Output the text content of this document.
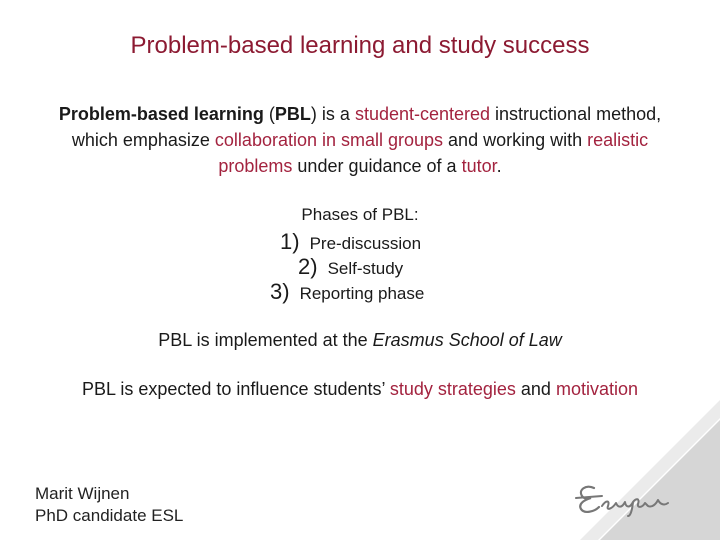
Problem-based learning and study success
Problem-based learning (PBL) is a student-centered instructional method, which emphasize collaboration in small groups and working with realistic problems under guidance of a tutor.
Phases of PBL:
1) Pre-discussion
2) Self-study
3) Reporting phase
PBL is implemented at the Erasmus School of Law
PBL is expected to influence students’ study strategies and motivation
Marit Wijnen
PhD candidate ESL
